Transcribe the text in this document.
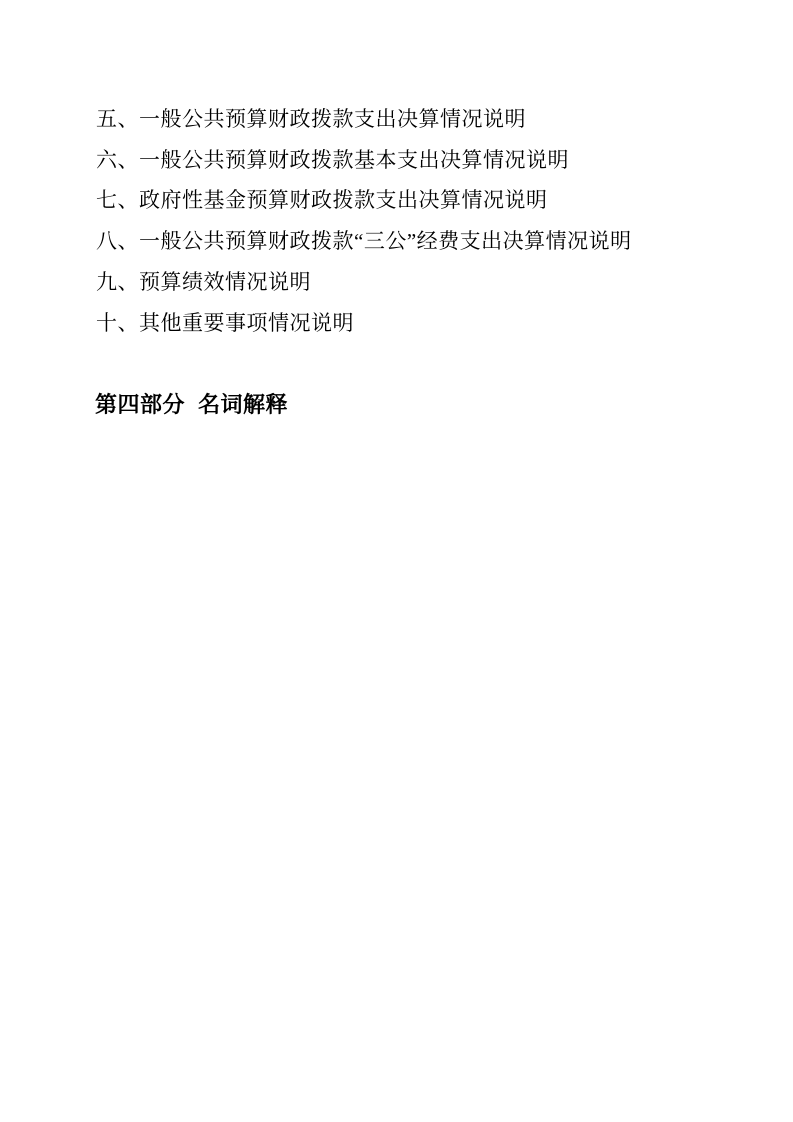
五、一般公共预算财政拨款支出决算情况说明
六、一般公共预算财政拨款基本支出决算情况说明
七、政府性基金预算财政拨款支出决算情况说明
八、一般公共预算财政拨款“三公”经费支出决算情况说明
九、预算绩效情况说明
十、其他重要事项情况说明
第四部分 名词解释
